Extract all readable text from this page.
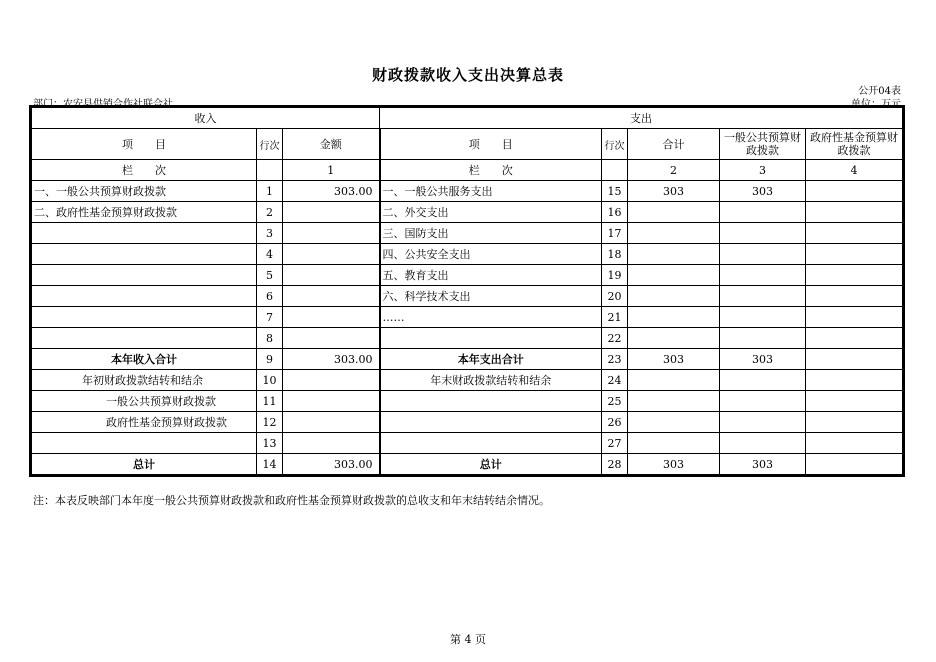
财政拨款收入支出决算总表
公开04表
部门：农安县供销合作社联合社	单位：万元
收入			支出				
项　　目	行次	金额	项　　目	行次	合计	一般公共预算财政拨款	政府性基金预算财政拨款
栏　　次		1	栏　　次		2	3	4
一、一般公共预算财政拨款	1	303.00	一、一般公共服务支出	15	303	303	
二、政府性基金预算财政拨款	2		二、外交支出	16			
	3		三、国防支出	17			
	4		四、公共安全支出	18			
	5		五、教育支出	19			
	6		六、科学技术支出	20			
	7		……	21			
	8			22			
本年收入合计	9	303.00	本年支出合计	23	303	303	
年初财政拨款结转和结余	10		年末财政拨款结转和结余	24			
一般公共预算财政拨款	11			25			
政府性基金预算财政拨款	12			26			
	13			27			
总计	14	303.00	总计	28	303	303	
注：本表反映部门本年度一般公共预算财政拨款和政府性基金预算财政拨款的总收支和年末结转结余情况。
第 4 页
